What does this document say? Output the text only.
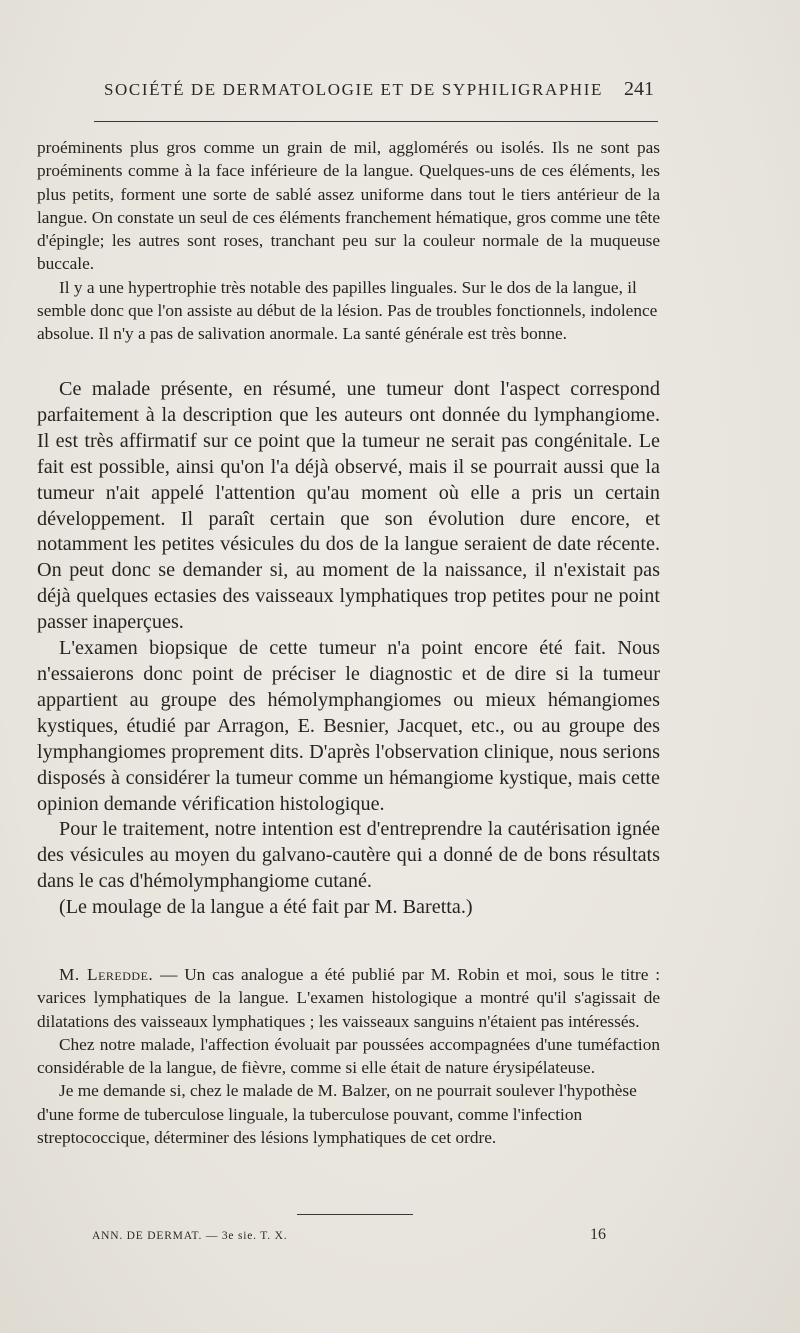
SOCIÉTÉ DE DERMATOLOGIE ET DE SYPHILIGRAPHIE 241

proéminents plus gros comme un grain de mil, agglomérés ou isolés. Ils ne sont pas proéminents comme à la face inférieure de la langue. Quelques-uns de ces éléments, les plus petits, forment une sorte de sablé assez uniforme dans tout le tiers antérieur de la langue. On constate un seul de ces éléments franchement hématique, gros comme une tête d'épingle; les autres sont roses, tranchant peu sur la couleur normale de la muqueuse buccale.

Il y a une hypertrophie très notable des papilles linguales. Sur le dos de la langue, il semble donc que l'on assiste au début de la lésion. Pas de troubles fonctionnels, indolence absolue. Il n'y a pas de salivation anormale. La santé générale est très bonne.

Ce malade présente, en résumé, une tumeur dont l'aspect correspond parfaitement à la description que les auteurs ont donnée du lymphangiome. Il est très affirmatif sur ce point que la tumeur ne serait pas congénitale. Le fait est possible, ainsi qu'on l'a déjà observé, mais il se pourrait aussi que la tumeur n'ait appelé l'attention qu'au moment où elle a pris un certain développement. Il paraît certain que son évolution dure encore, et notamment les petites vésicules du dos de la langue seraient de date récente. On peut donc se demander si, au moment de la naissance, il n'existait pas déjà quelques ectasies des vaisseaux lymphatiques trop petites pour ne point passer inaperçues.

L'examen biopsique de cette tumeur n'a point encore été fait. Nous n'essaierons donc point de préciser le diagnostic et de dire si la tumeur appartient au groupe des hémolymphangiomes ou mieux hémangiomes kystiques, étudié par Arragon, E. Besnier, Jacquet, etc., ou au groupe des lymphangiomes proprement dits. D'après l'observation clinique, nous serions disposés à considérer la tumeur comme un hémangiome kystique, mais cette opinion demande vérification histologique.

Pour le traitement, notre intention est d'entreprendre la cautérisation ignée des vésicules au moyen du galvano-cautère qui a donné de de bons résultats dans le cas d'hémolymphangiome cutané.

(Le moulage de la langue a été fait par M. Baretta.)

M. Leredde. — Un cas analogue a été publié par M. Robin et moi, sous le titre : varices lymphatiques de la langue. L'examen histologique a montré qu'il s'agissait de dilatations des vaisseaux lymphatiques ; les vaisseaux sanguins n'étaient pas intéressés.

Chez notre malade, l'affection évoluait par poussées accompagnées d'une tuméfaction considérable de la langue, de fièvre, comme si elle était de nature érysipélateuse.

Je me demande si, chez le malade de M. Balzer, on ne pourrait soulever l'hypothèse d'une forme de tuberculose linguale, la tuberculose pouvant, comme l'infection streptococcique, déterminer des lésions lymphatiques de cet ordre.

ANN. DE DERMAT. — 3e sie. T. X.	16
